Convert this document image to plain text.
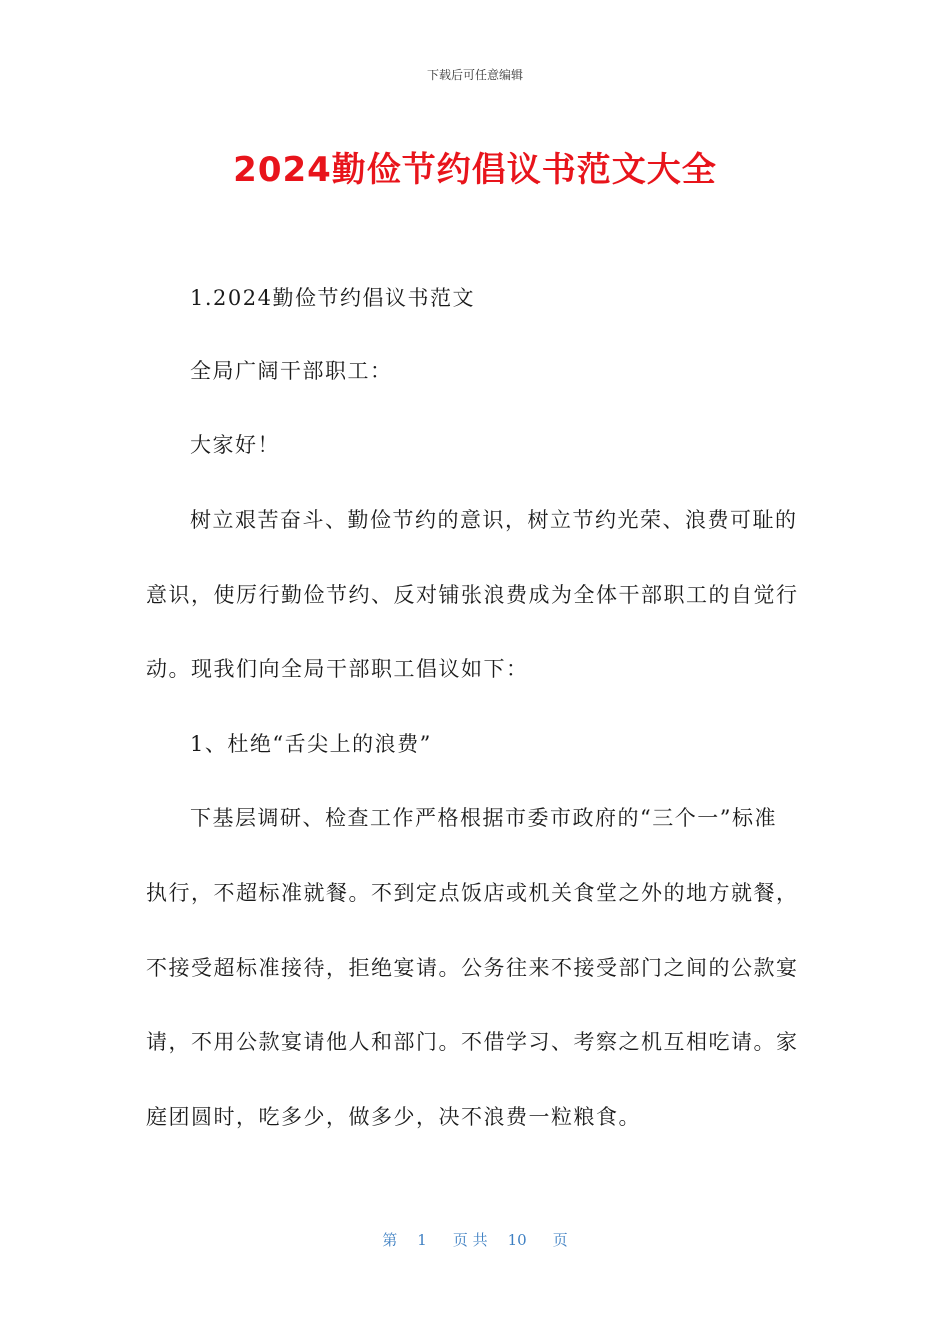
下载后可任意编辑
2024勤俭节约倡议书范文大全
1.2024勤俭节约倡议书范文
全局广阔干部职工：
大家好！
树立艰苦奋斗、勤俭节约的意识，树立节约光荣、浪费可耻的
意识，使厉行勤俭节约、反对铺张浪费成为全体干部职工的自觉行
动。现我们向全局干部职工倡议如下：
1、杜绝“舌尖上的浪费”
下基层调研、检查工作严格根据市委市政府的“三个一”标准
执行，不超标准就餐。不到定点饭店或机关食堂之外的地方就餐，
不接受超标准接待，拒绝宴请。公务往来不接受部门之间的公款宴
请，不用公款宴请他人和部门。不借学习、考察之机互相吃请。家
庭团圆时，吃多少，做多少，决不浪费一粒粮食。
第 1 页 共 10 页
